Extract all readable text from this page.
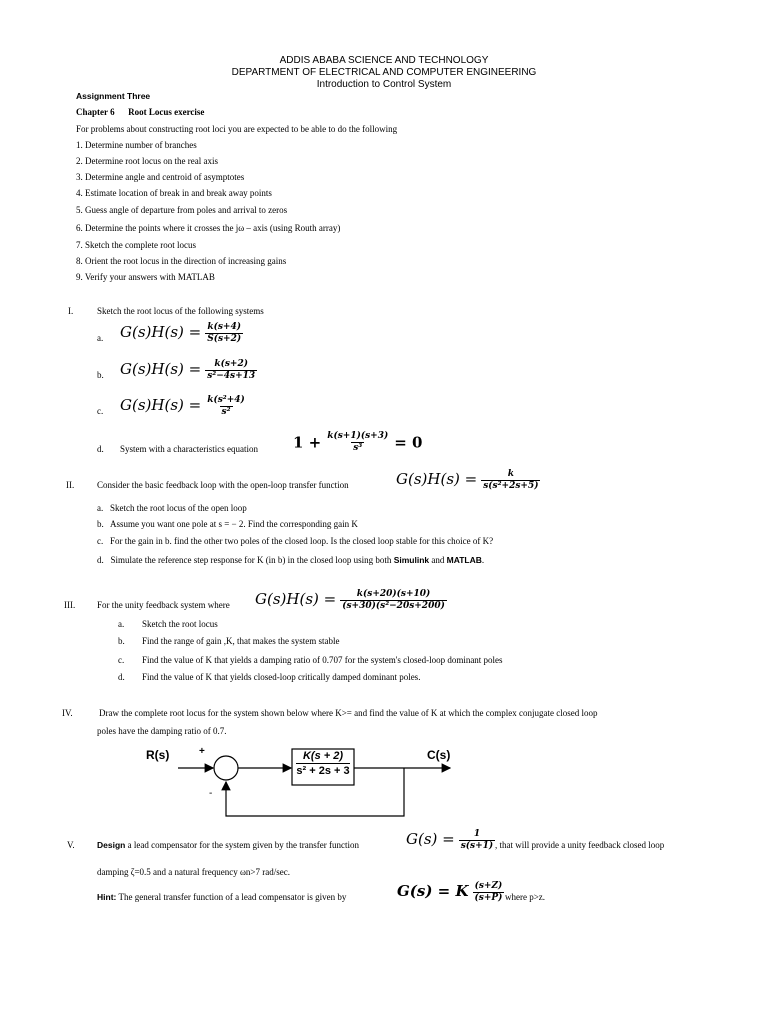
ADDIS ABABA SCIENCE AND TECHNOLOGY
DEPARTMENT OF ELECTRICAL AND COMPUTER ENGINEERING
Introduction to Control System
Assignment Three
Chapter 6      Root Locus exercise
For problems about constructing root loci you are expected to be able to do the following
1. Determine number of branches
2. Determine root locus on the real axis
3. Determine angle and centroid of asymptotes
4. Estimate location of break in and break away points
5. Guess angle of departure from poles and arrival to zeros
6. Determine the points where it crosses the jω – axis (using Routh array)
7. Sketch the complete root locus
8. Orient the root locus in the direction of increasing gains
9. Verify your answers with MATLAB
I.	Sketch the root locus of the following systems
a. $G(s)H(s) = \frac{k(s+4)}{S(s+2)}$
b. $G(s)H(s) = \frac{k(s+2)}{\text{s²−4s+13}}$
c. $G(s)H(s) = \frac{\text{k(s²+4)}}{\text{s²}}$
d. System with a characteristics equation $1 + \frac{k(s+1)(s+3)}{\text{s³}} = 0$
II.	Consider the basic feedback loop with the open-loop transfer function	$G(s)H(s) = \frac{k}{\text{s(s²+2s+5)}}$
a.   Sketch the root locus of the open loop
b.   Assume you want one pole at s = − 2. Find the corresponding gain K
c.   For the gain in b. find the other two poles of the closed loop. Is the closed loop stable for this choice of K?
d.   Simulate the reference step response for K (in b) in the closed loop using both Simulink and MATLAB.
III. For the unity feedback system where $G(s)H(s) = \frac{k(s+20)(s+10)}{\text{(s+30)(s²−20s+200)}}$
a. Sketch the root locus
b. Find the range of gain ,K, that makes the system stable
c. Find the value of K that yields a damping ratio of 0.707 for the system's closed-loop dominant poles
d. Find the value of K that yields closed-loop critically damped dominant poles.
IV.	Draw the complete root locus for the system shown below where K>= and find the value of K at which the complex conjugate closed loop
poles have the damping ratio of 0.7.
R(s)	C(s)
+
-
K(s + 2)
s² + 2s + 3
V.	Design a lead compensator for the system given by the transfer function	$G(s) = \frac{1}{s(s+1)}$ , that will provide a unity feedback closed loop
damping ζ=0.5 and a natural frequency ωn>7 rad/sec.
Hint: The general transfer function of a lead compensator is given by	G(s) = K $\frac{(s+Z)}{(s+P)}$ where p>z.
